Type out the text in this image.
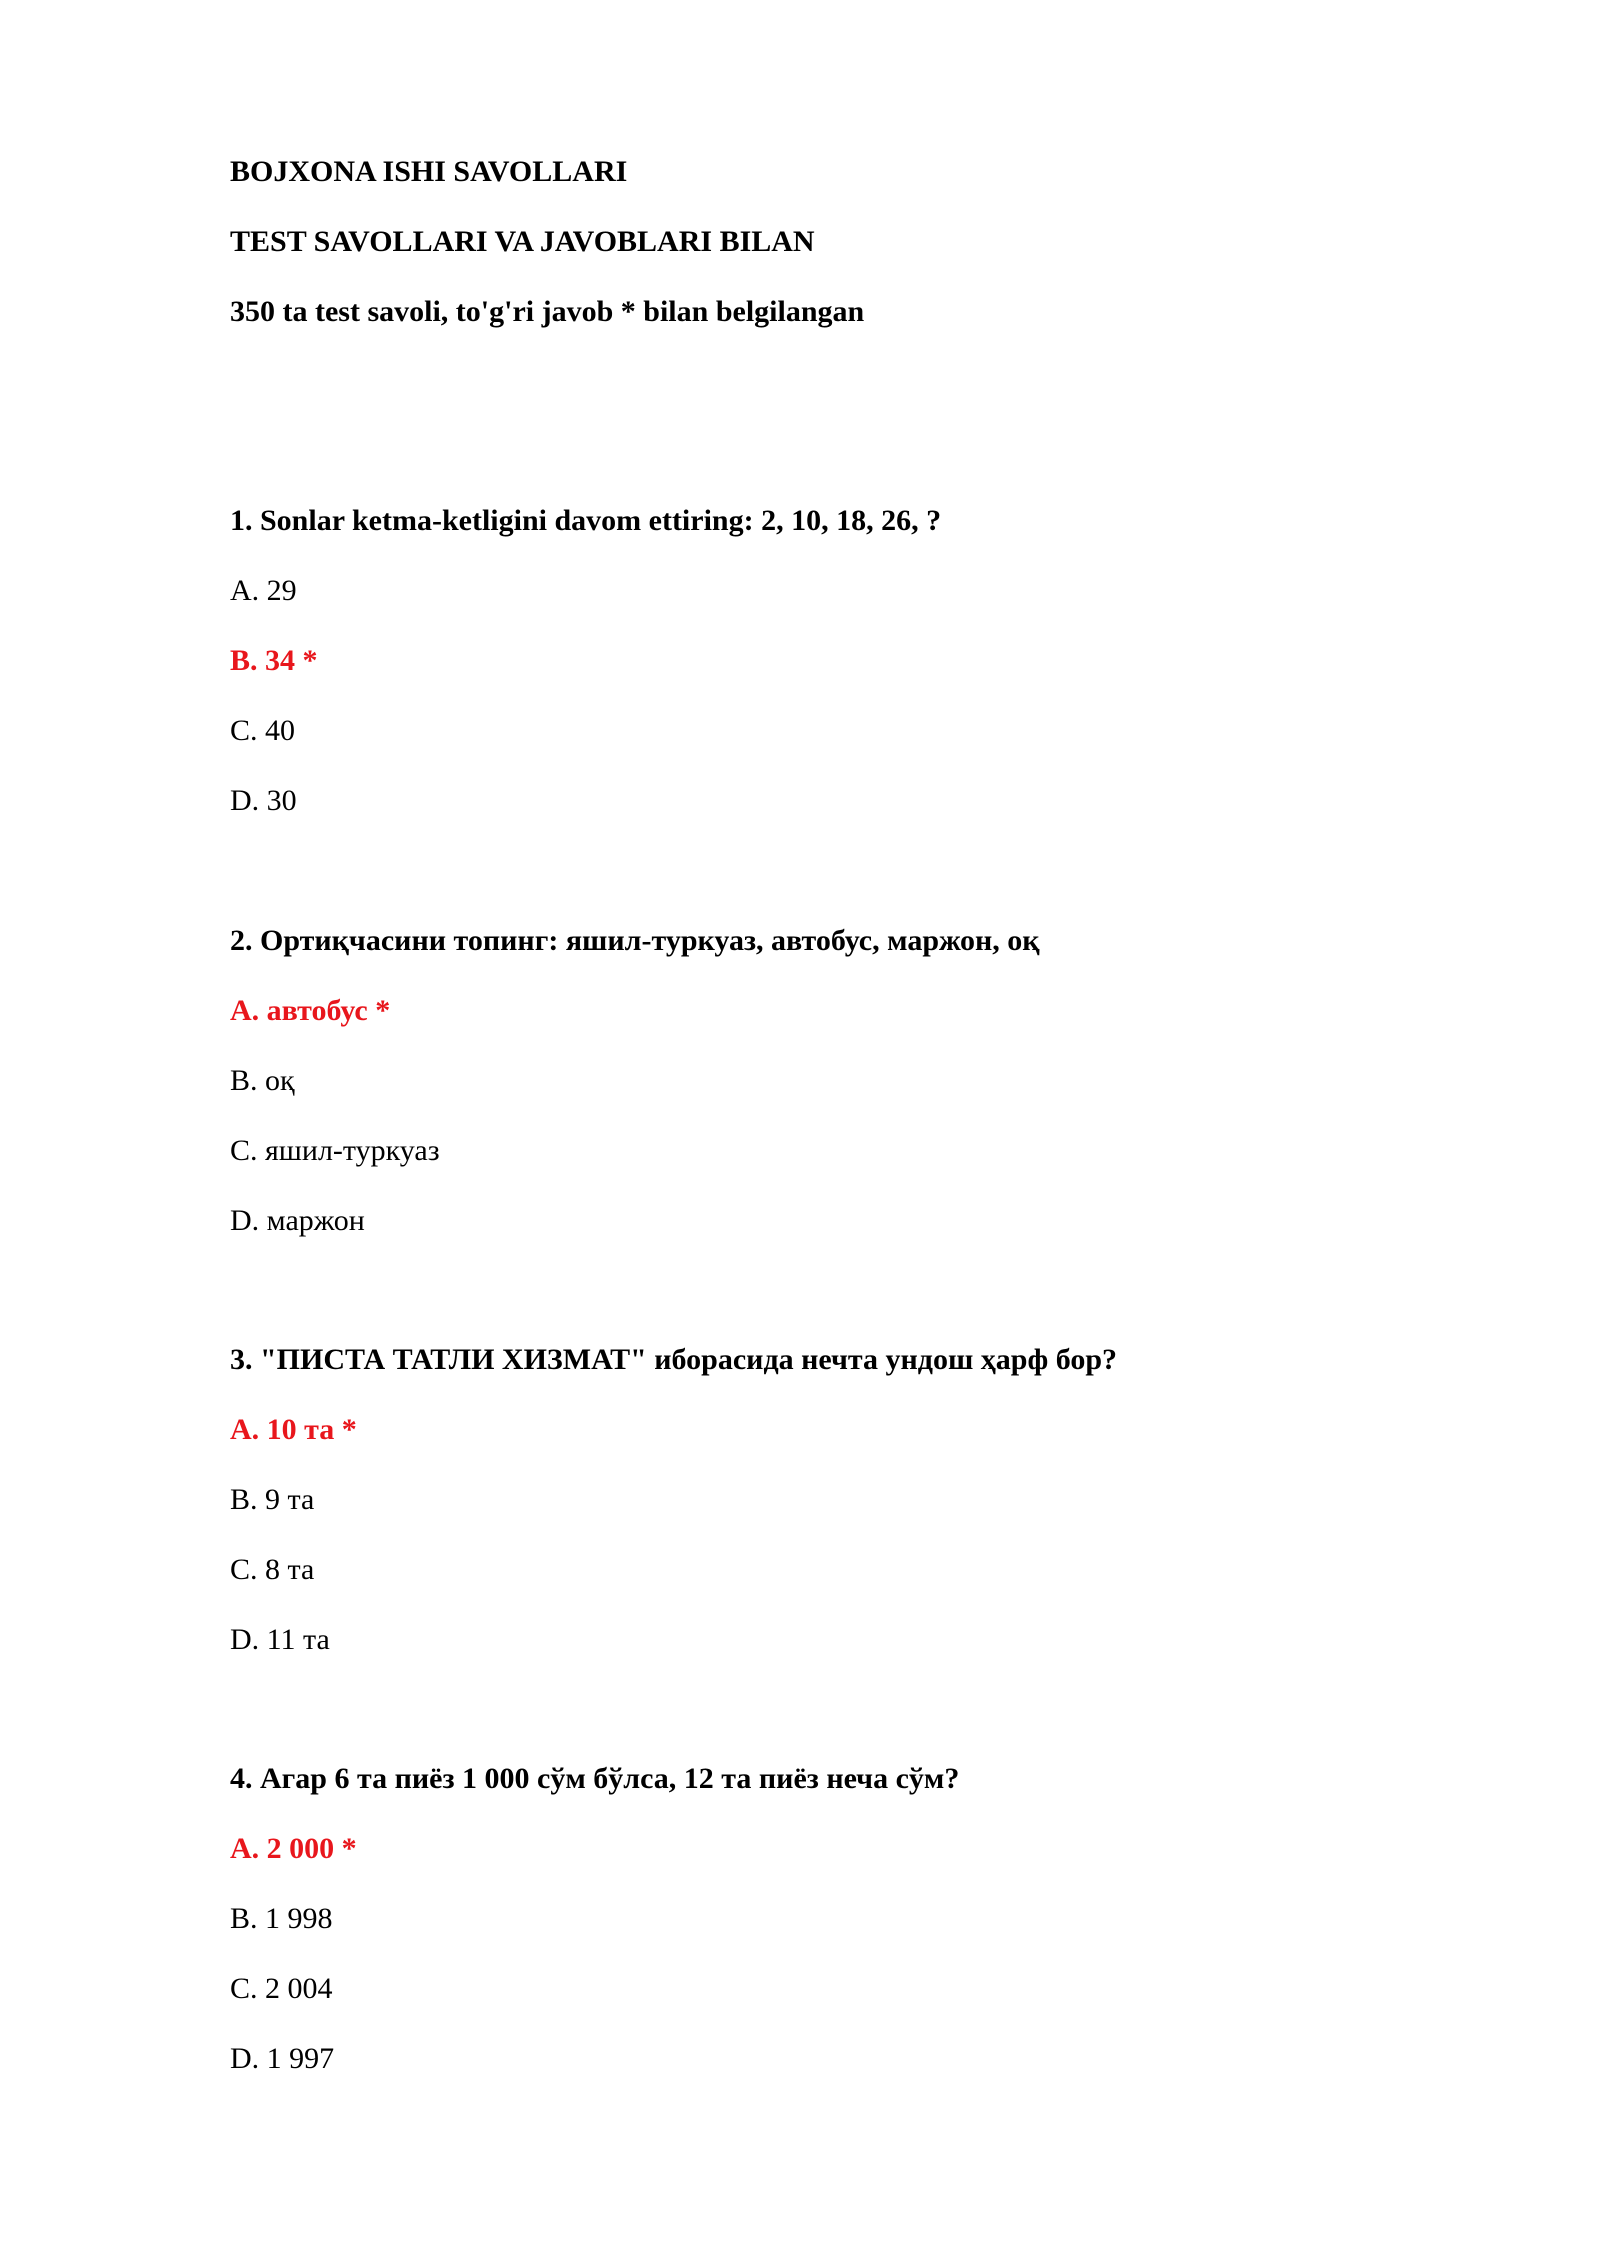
BOJXONA ISHI SAVOLLARI
TEST SAVOLLARI VA JAVOBLARI BILAN
350 ta test savoli, to'g'ri javob * bilan belgilangan
1. Sonlar ketma-ketligini davom ettiring: 2, 10, 18, 26, ?
A. 29
B. 34 *
C. 40
D. 30
2. Ортиқчасини топинг: яшил-туркуаз, автобус, маржон, оқ
A. автобус *
B. оқ
C. яшил-туркуаз
D. маржон
3. "ПИСТА ТАТЛИ ХИЗМАТ" иборасида нечта ундош ҳарф бор?
A. 10 та *
B. 9 та
C. 8 та
D. 11 та
4. Агар 6 та пиёз 1 000 сўм бўлса, 12 та пиёз неча сўм?
A. 2 000 *
B. 1 998
C. 2 004
D. 1 997
